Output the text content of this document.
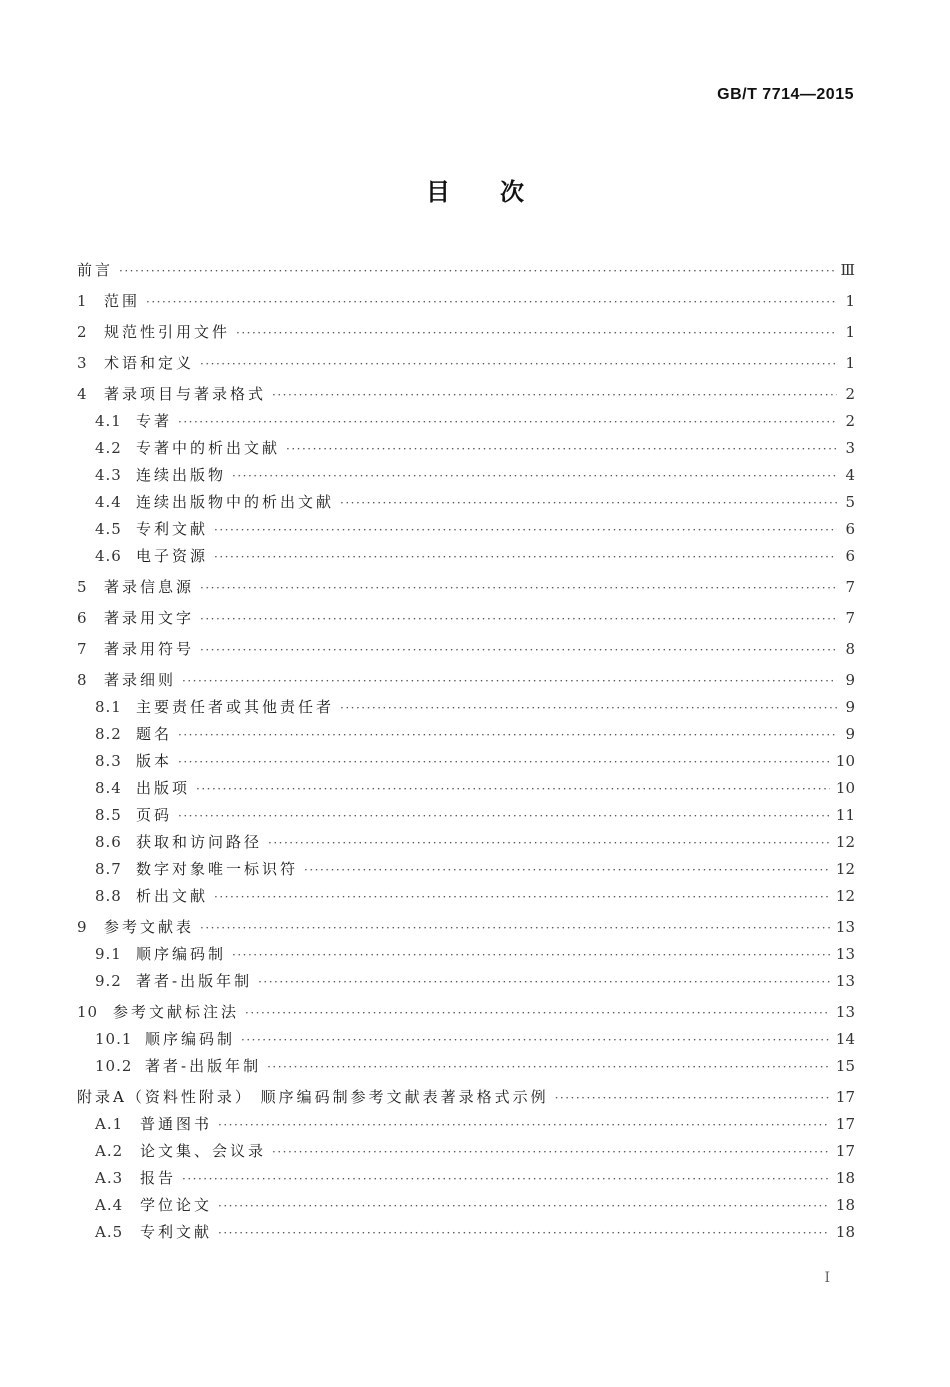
GB/T 7714—2015
目次
前言 ·····	Ⅲ
1	范围 ·····	1
2	规范性引用文件 ·····	1
3	术语和定义 ·····	1
4	著录项目与著录格式 ·····	2
4.1 专著 ·····	2
4.2 专著中的析出文献 ·····	3
4.3 连续出版物 ·····	4
4.4 连续出版物中的析出文献 ·····	5
4.5 专利文献 ·····	6
4.6 电子资源 ·····	6
5	著录信息源 ·····	7
6	著录用文字 ·····	7
7	著录用符号 ·····	8
8	著录细则 ·····	9
8.1 主要责任者或其他责任者 ·····	9
8.2 题名 ·····	9
8.3 版本 ·····	10
8.4 出版项 ·····	10
8.5 页码 ·····	11
8.6 获取和访问路径 ·····	12
8.7 数字对象唯一标识符 ·····	12
8.8 析出文献 ·····	12
9	参考文献表 ·····	13
9.1 顺序编码制 ·····	13
9.2 著者-出版年制 ·····	13
10 参考文献标注法 ·····	13
10.1 顺序编码制 ·····	14
10.2 著者-出版年制 ·····	15
附录A（资料性附录） 顺序编码制参考文献表著录格式示例 ·····	17
A.1	普通图书 ·····	17
A.2	论文集、会议录 ·····	17
A.3	报告 ·····	18
A.4	学位论文 ·····	18
A.5	专利文献 ·····	18
I
